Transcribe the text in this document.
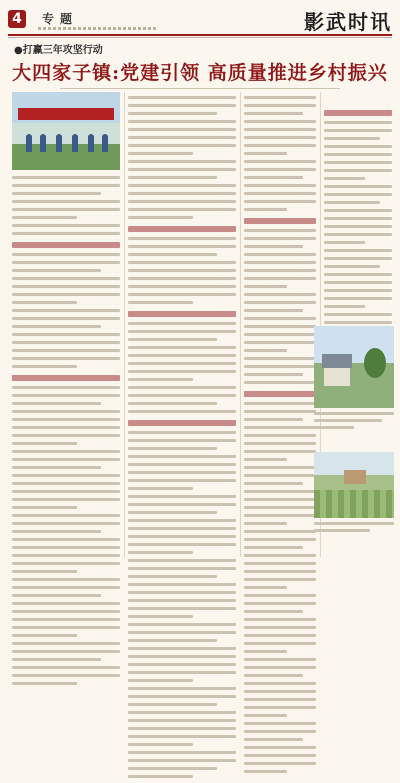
4	专题	影武时讯
●打赢三年攻坚行动
大四家子镇:党建引领 高质量推进乡村振兴
